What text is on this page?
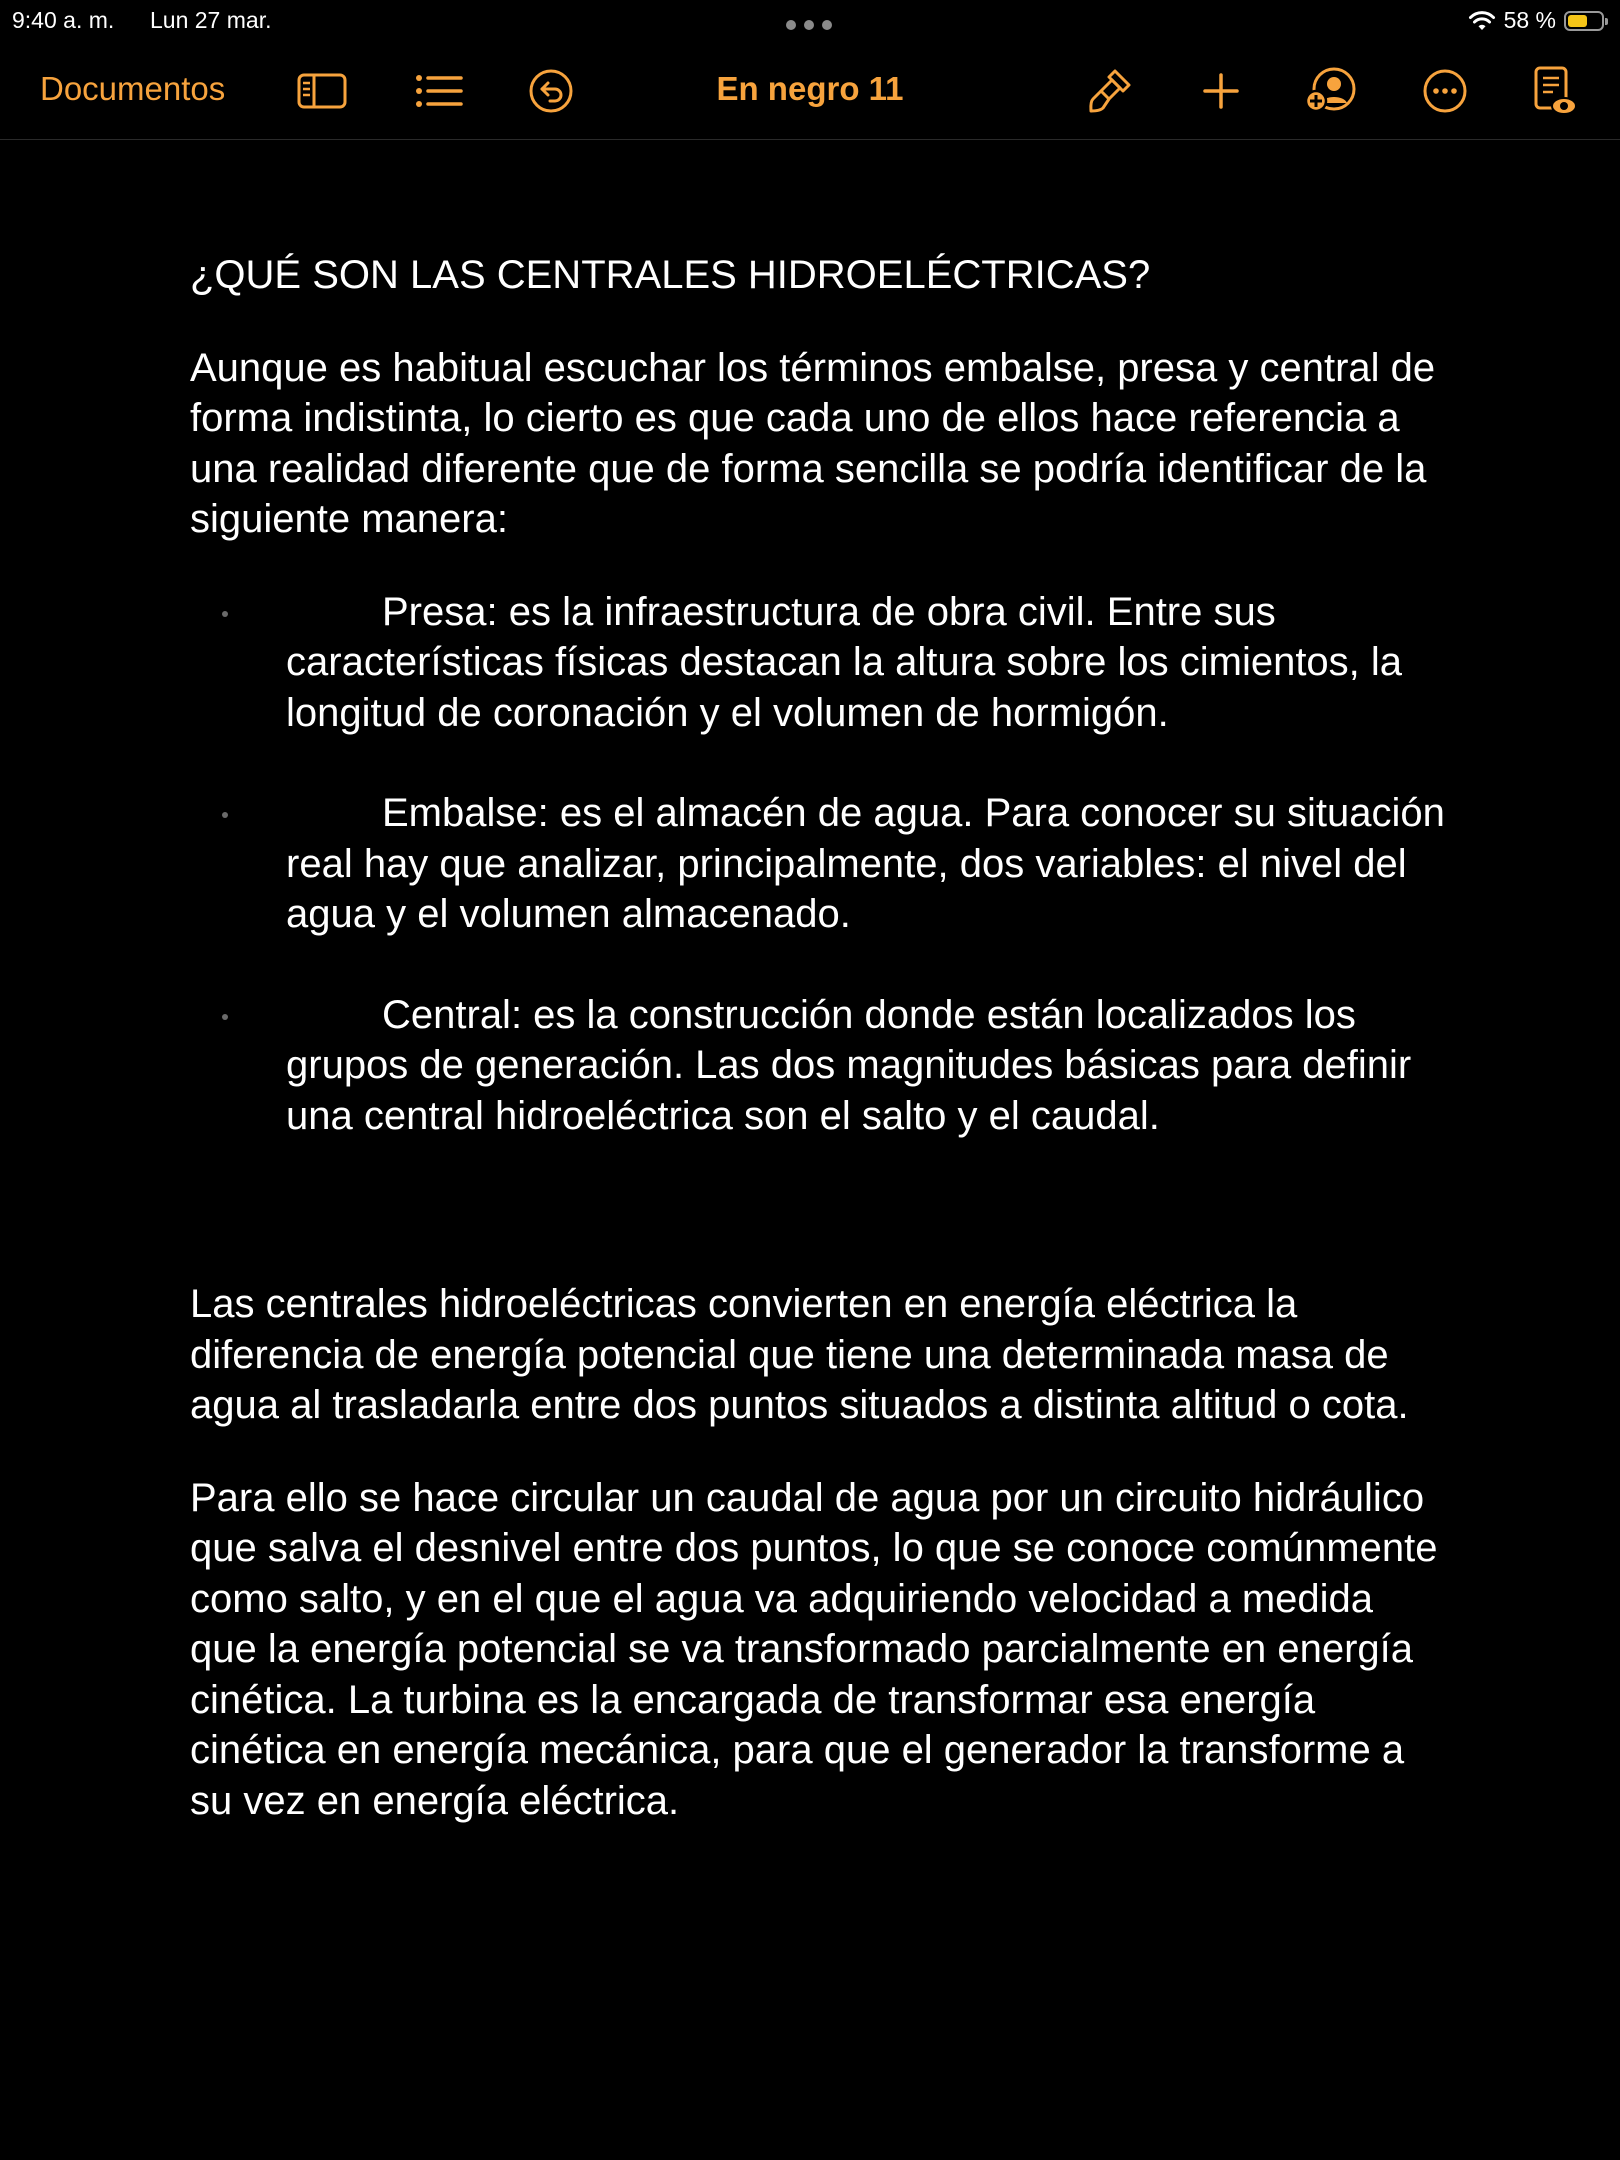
9:40 a. m. Lun 27 mar.	58 %
Documentos	En negro 11

¿QUÉ SON LAS CENTRALES HIDROELÉCTRICAS?

Aunque es habitual escuchar los términos embalse, presa y central de forma indistinta, lo cierto es que cada uno de ellos hace referencia a una realidad diferente que de forma sencilla se podría identificar de la siguiente manera:

Presa: es la infraestructura de obra civil. Entre sus características físicas destacan la altura sobre los cimientos, la longitud de coronación y el volumen de hormigón.
Embalse: es el almacén de agua. Para conocer su situación real hay que analizar, principalmente, dos variables: el nivel del agua y el volumen almacenado.
Central: es la construcción donde están localizados los grupos de generación. Las dos magnitudes básicas para definir una central hidroeléctrica son el salto y el caudal.

Las centrales hidroeléctricas convierten en energía eléctrica la diferencia de energía potencial que tiene una determinada masa de agua al trasladarla entre dos puntos situados a distinta altitud o cota.

Para ello se hace circular un caudal de agua por un circuito hidráulico que salva el desnivel entre dos puntos, lo que se conoce comúnmente como salto, y en el que el agua va adquiriendo velocidad a medida que la energía potencial se va transformado parcialmente en energía cinética. La turbina es la encargada de transformar esa energía cinética en energía mecánica, para que el generador la transforme a su vez en energía eléctrica.
